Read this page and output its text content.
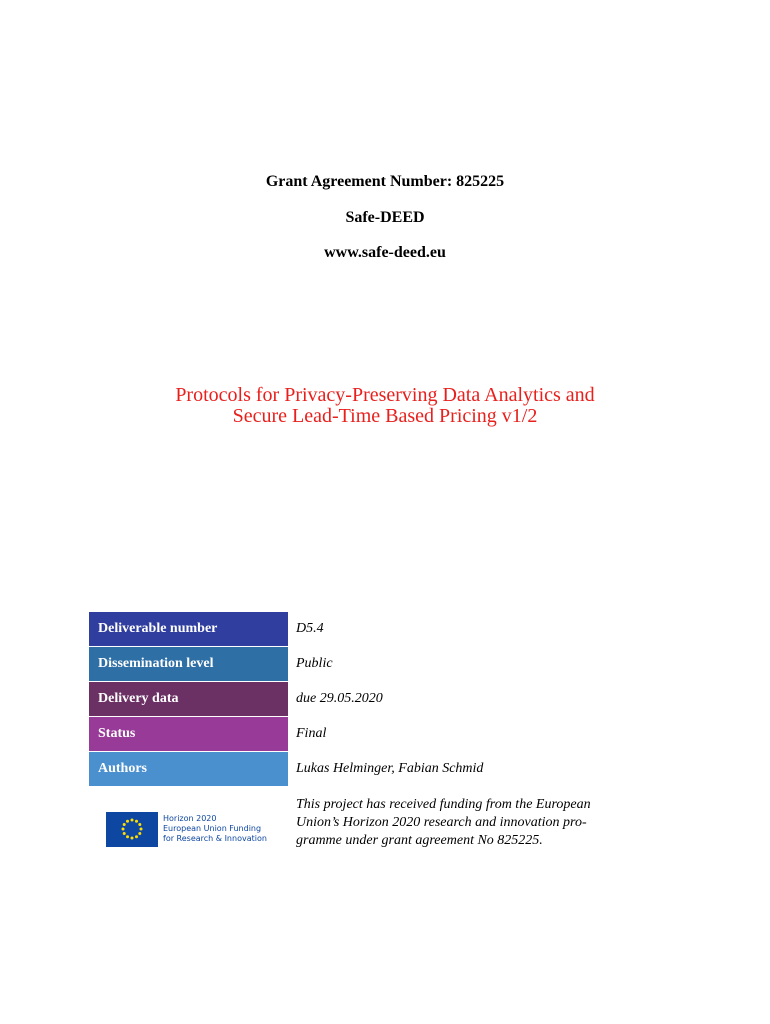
Grant Agreement Number: 825225
Safe-DEED
www.safe-deed.eu
Protocols for Privacy-Preserving Data Analytics and
Secure Lead-Time Based Pricing v1/2
Deliverable number	D5.4
Dissemination level	Public
Delivery data	due 29.05.2020
Status	Final
Authors	Lukas Helminger, Fabian Schmid
Horizon 2020
European Union Funding
for Research & Innovation
This project has received funding from the European
Union’s Horizon 2020 research and innovation pro-
gramme under grant agreement No 825225.
